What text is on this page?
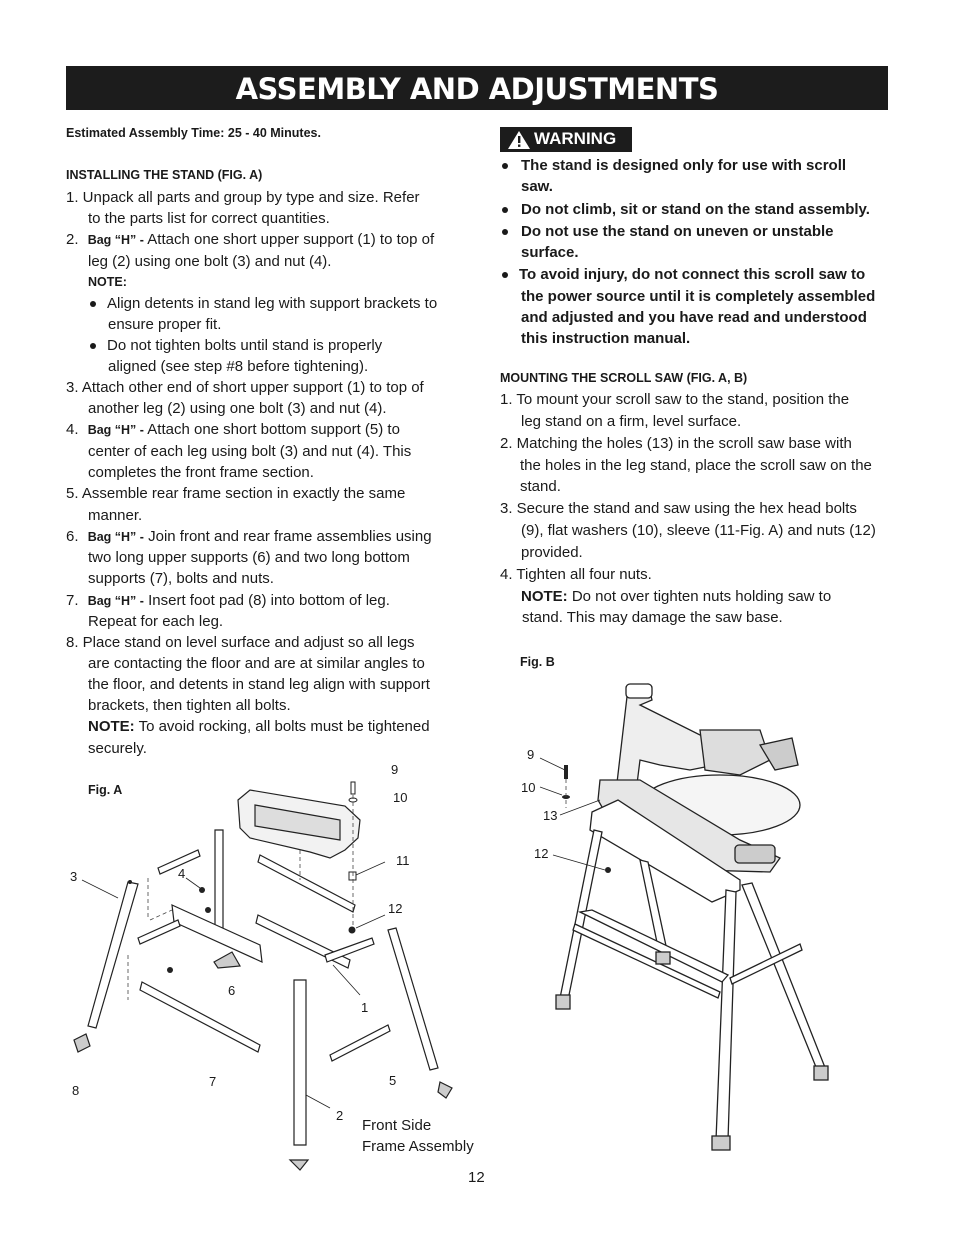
ASSEMBLY AND ADJUSTMENTS
Estimated Assembly Time: 25 - 40 Minutes.
INSTALLING THE STAND (FIG. A)
1. Unpack all parts and group by type and size. Refer
to the parts list for correct quantities.
2. Bag “H” - Attach one short upper support (1) to top of
leg (2) using one bolt (3) and nut (4).
NOTE:
Align detents in stand leg with support brackets to
ensure proper fit.
Do not tighten bolts until stand is properly
aligned (see step #8 before tightening).
3. Attach other end of short upper support (1) to top of
another leg (2) using one bolt (3) and nut (4).
4. Bag “H” - Attach one short bottom support (5) to
center of each leg using bolt (3) and nut (4). This
completes the front frame section.
5. Assemble rear frame section in exactly the same
manner.
6. Bag “H” - Join front and rear frame assemblies using
two long upper supports (6) and two long bottom
supports (7), bolts and nuts.
7. Bag “H” - Insert foot pad (8) into bottom of leg.
Repeat for each leg.
8. Place stand on level surface and adjust so all legs
are contacting the floor and are at similar angles to
the floor, and detents in stand leg align with support
brackets, then tighten all bolts.
NOTE: To avoid rocking, all bolts must be tightened
securely.
Fig. A
9
10
11
12
3	4
6
1
8
7	5
2
Front Side
Frame Assembly
WARNING
The stand is designed only for use with scroll
saw.
Do not climb, sit or stand on the stand assembly.
Do not use the stand on uneven or unstable
surface.
To avoid injury, do not connect this scroll saw to
the power source until it is completely assembled
and adjusted and you have read and understood
this instruction manual.
MOUNTING THE SCROLL SAW (FIG. A, B)
1. To mount your scroll saw to the stand, position the
leg stand on a firm, level surface.
2. Matching the holes (13) in the scroll saw base with
the holes in the leg stand, place the scroll saw on the
stand.
3. Secure the stand and saw using the hex head bolts
(9), flat washers (10), sleeve (11-Fig. A) and nuts (12)
provided.
4. Tighten all four nuts.
NOTE: Do not over tighten nuts holding saw to
stand. This may damage the saw base.
Fig. B
9
10
13
12
12
